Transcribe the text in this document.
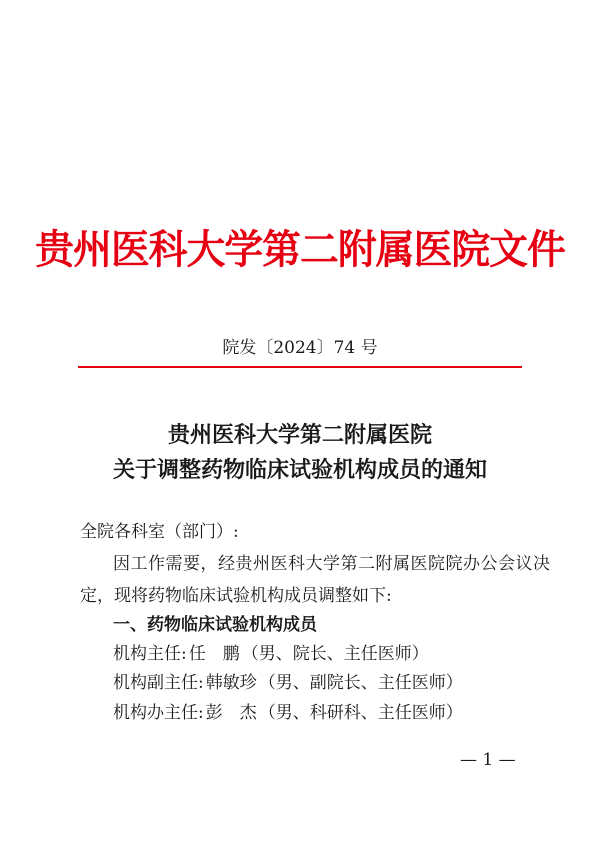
贵州医科大学第二附属医院文件
院发〔2024〕74 号
贵州医科大学第二附属医院
关于调整药物临床试验机构成员的通知
全院各科室（部门）:
因工作需要，经贵州医科大学第二附属医院院办公会议决
定，现将药物临床试验机构成员调整如下:
一、药物临床试验机构成员
机构主任: 任　鹏 （男、院长、主任医师）
机构副主任: 韩敏珍 （男、副院长、主任医师）
机构办主任: 彭　杰 （男、科研科、主任医师）
— 1 —
